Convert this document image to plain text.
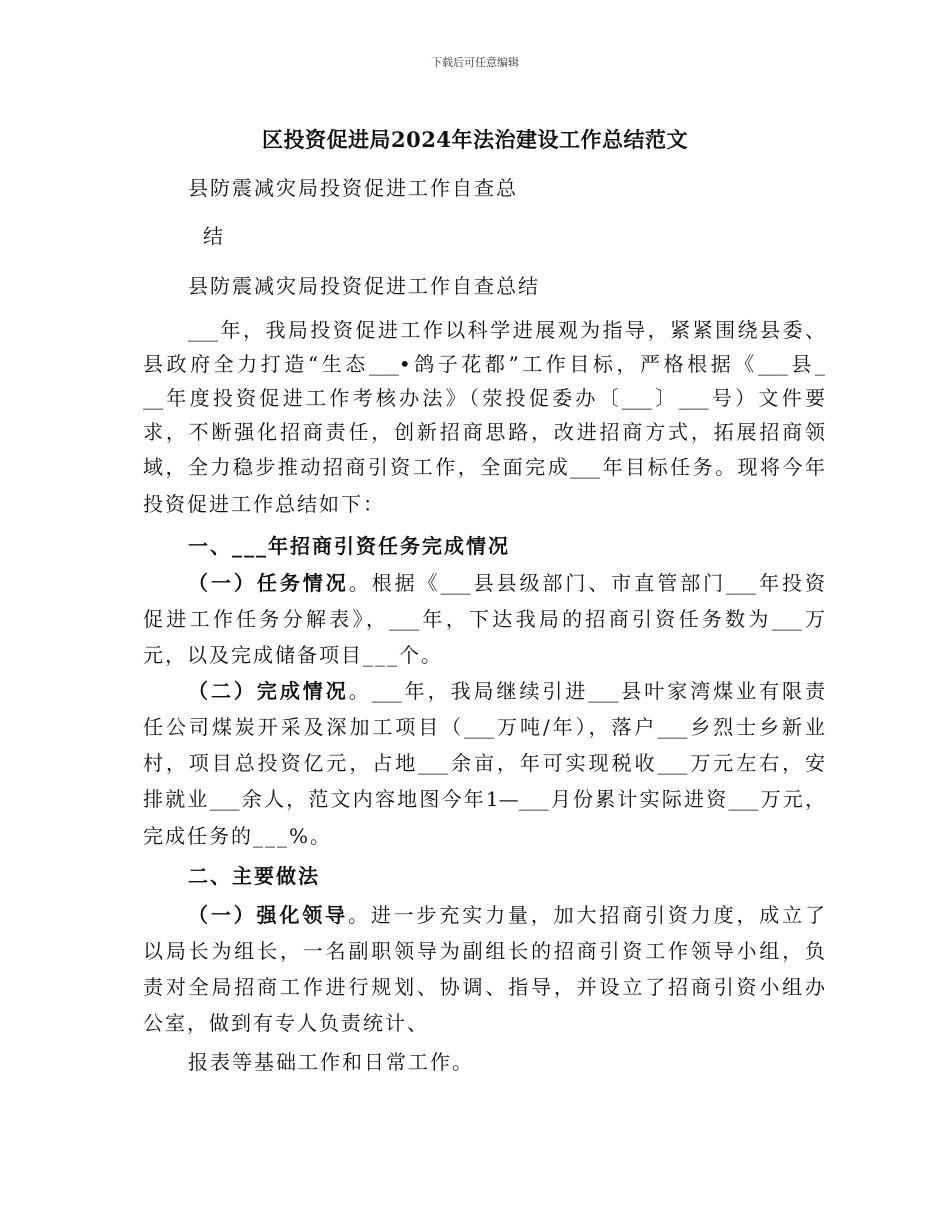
下载后可任意编辑
区投资促进局2024年法治建设工作总结范文
县防震减灾局投资促进工作自查总
结
县防震减灾局投资促进工作自查总结
___年，我局投资促进工作以科学进展观为指导，紧紧围绕县委、
县政府全力打造“生态___•鸽子花都”工作目标，严格根据《___县_
__年度投资促进工作考核办法》（荥投促委办〔___〕___号）文件要
求，不断强化招商责任，创新招商思路，改进招商方式，拓展招商领
域，全力稳步推动招商引资工作，全面完成___年目标任务。现将今年
投资促进工作总结如下：
一、___年招商引资任务完成情况
（一）任务情况。根据《___县县级部门、市直管部门___年投资
促进工作任务分解表》，___年，下达我局的招商引资任务数为___万
元，以及完成储备项目___个。
（二）完成情况。___年，我局继续引进___县叶家湾煤业有限责
任公司煤炭开采及深加工项目（___万吨/年），落户___乡烈士乡新业
村，项目总投资亿元，占地___余亩，年可实现税收___万元左右，安
排就业___余人，范文内容地图今年1—___月份累计实际进资___万元，
完成任务的___%。
二、主要做法
（一）强化领导。进一步充实力量，加大招商引资力度，成立了
以局长为组长，一名副职领导为副组长的招商引资工作领导小组，负
责对全局招商工作进行规划、协调、指导，并设立了招商引资小组办
公室，做到有专人负责统计、
报表等基础工作和日常工作。
